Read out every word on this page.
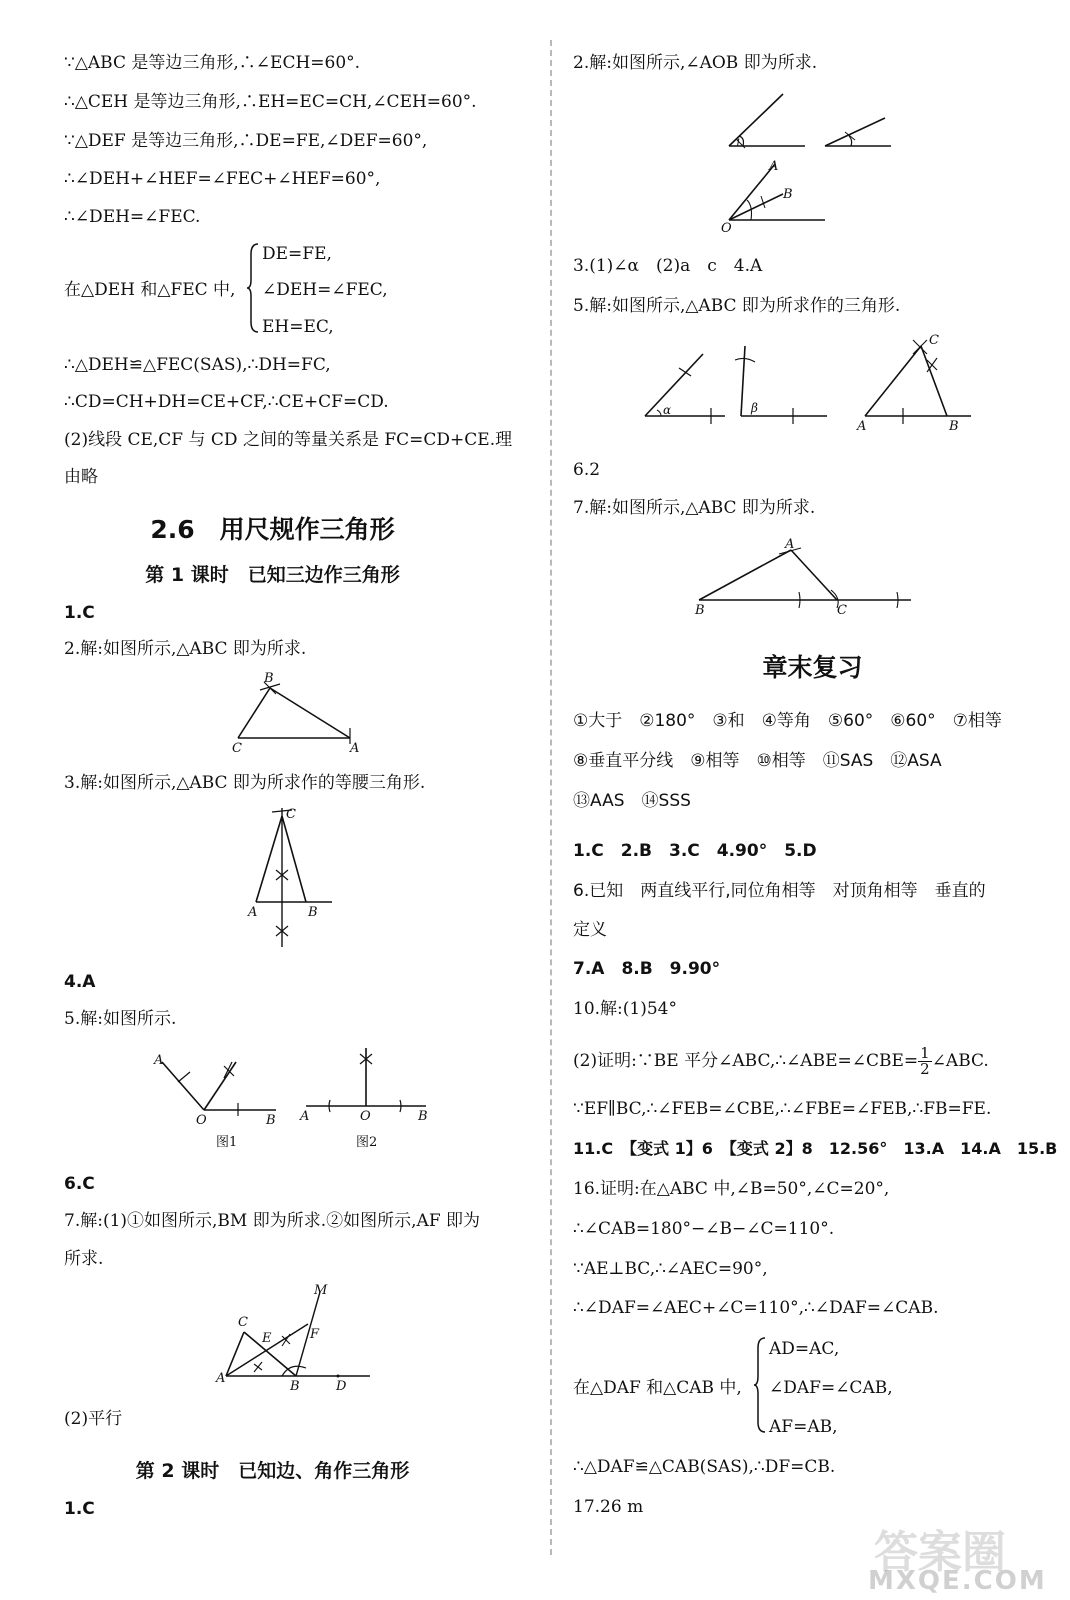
∵△ABC 是等边三角形,∴∠ECH=60°.
∴△CEH 是等边三角形,∴EH=EC=CH,∠CEH=60°.
∵△DEF 是等边三角形,∴DE=FE,∠DEF=60°,
∴∠DEH+∠HEF=∠FEC+∠HEF=60°,
∴∠DEH=∠FEC.
在△DEH 和△FEC 中,
DE=FE,
∠DEH=∠FEC,
EH=EC,
∴△DEH≌△FEC(SAS),∴DH=FC,
∴CD=CH+DH=CE+CF,∴CE+CF=CD.
(2)线段 CE,CF 与 CD 之间的等量关系是 FC=CD+CE.理
由略
2.6　用尺规作三角形
第 1 课时　已知三边作三角形
1.C
2.解:如图所示,△ABC 即为所求.
B
C	A
3.解:如图所示,△ABC 即为所求作的等腰三角形.
C
A	B
4.A
5.解:如图所示.
A
O	B
图1
A	O	B
图2
6.C
7.解:(1)①如图所示,BM 即为所求.②如图所示,AF 即为
所求.
C
E	F
M
A
B	D
(2)平行
第 2 课时　已知边、角作三角形
1.C
2.解:如图所示,∠AOB 即为所求.
1
A
B
O
3.(1)∠α　(2)a　c　4.A
5.解:如图所示,△ABC 即为所求作的三角形.
α	β
C
A	B
6.2
7.解:如图所示,△ABC 即为所求.
A
B	C
章末复习
①大于　②180°　③和　④等角　⑤60°　⑥60°　⑦相等
⑧垂直平分线　⑨相等　⑩相等　⑪SAS　⑫ASA
⑬AAS　⑭SSS
1.C　2.B　3.C　4.90°　5.D
6.已知　两直线平行,同位角相等　对顶角相等　垂直的
定义
7.A　8.B　9.90°
10.解:(1)54°
(2)证明:∵BE 平分∠ABC,∴∠ABE=∠CBE= $\frac{1}{2}$ ∠ABC.
∵EF∥BC,∴∠FEB=∠CBE,∴∠FBE=∠FEB,∴FB=FE.
11.C　【变式 1】6　【变式 2】8　12.56°　13.A　14.A　15.B
16.证明:在△ABC 中,∠B=50°,∠C=20°,
∴∠CAB=180°−∠B−∠C=110°.
∵AE⊥BC,∴∠AEC=90°,
∴∠DAF=∠AEC+∠C=110°,∴∠DAF=∠CAB.
在△DAF 和△CAB 中,
AD=AC,
∠DAF=∠CAB,
AF=AB,
∴△DAF≌△CAB(SAS),∴DF=CB.
17.26 m
答案圈
MXQE.COM
